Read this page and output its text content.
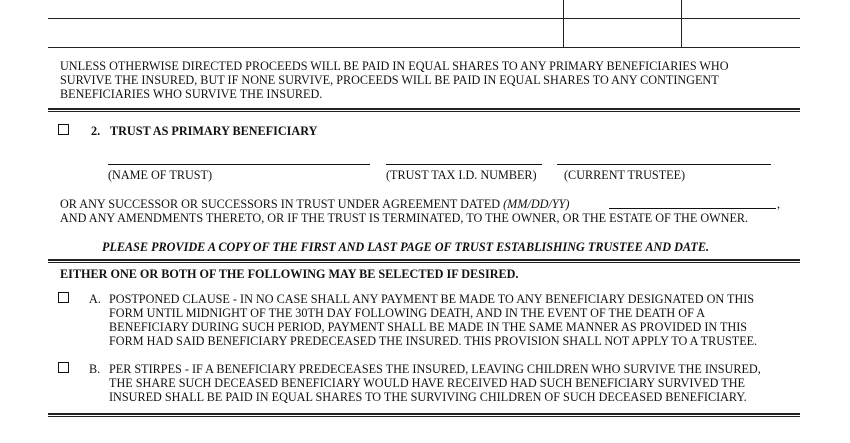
UNLESS OTHERWISE DIRECTED PROCEEDS WILL BE PAID IN EQUAL SHARES TO ANY PRIMARY BENEFICIARIES WHO
SURVIVE THE INSURED, BUT IF NONE SURVIVE, PROCEEDS WILL BE PAID IN EQUAL SHARES TO ANY CONTINGENT
BENEFICIARIES WHO SURVIVE THE INSURED.
2. TRUST AS PRIMARY BENEFICIARY
(NAME OF TRUST)	(TRUST TAX I.D. NUMBER) (CURRENT TRUSTEE)
OR ANY SUCCESSOR OR SUCCESSORS IN TRUST UNDER AGREEMENT DATED (MM/DD/YY)	,
AND ANY AMENDMENTS THERETO, OR IF THE TRUST IS TERMINATED, TO THE OWNER, OR THE ESTATE OF THE OWNER.
PLEASE PROVIDE A COPY OF THE FIRST AND LAST PAGE OF TRUST ESTABLISHING TRUSTEE AND DATE.
EITHER ONE OR BOTH OF THE FOLLOWING MAY BE SELECTED IF DESIRED.
A. POSTPONED CLAUSE - IN NO CASE SHALL ANY PAYMENT BE MADE TO ANY BENEFICIARY DESIGNATED ON THIS
FORM UNTIL MIDNIGHT OF THE 30TH DAY FOLLOWING DEATH, AND IN THE EVENT OF THE DEATH OF A
BENEFICIARY DURING SUCH PERIOD, PAYMENT SHALL BE MADE IN THE SAME MANNER AS PROVIDED IN THIS
FORM HAD SAID BENEFICIARY PREDECEASED THE INSURED. THIS PROVISION SHALL NOT APPLY TO A TRUSTEE.
B. PER STIRPES - IF A BENEFICIARY PREDECEASES THE INSURED, LEAVING CHILDREN WHO SURVIVE THE INSURED,
THE SHARE SUCH DECEASED BENEFICIARY WOULD HAVE RECEIVED HAD SUCH BENEFICIARY SURVIVED THE
INSURED SHALL BE PAID IN EQUAL SHARES TO THE SURVIVING CHILDREN OF SUCH DECEASED BENEFICIARY.
